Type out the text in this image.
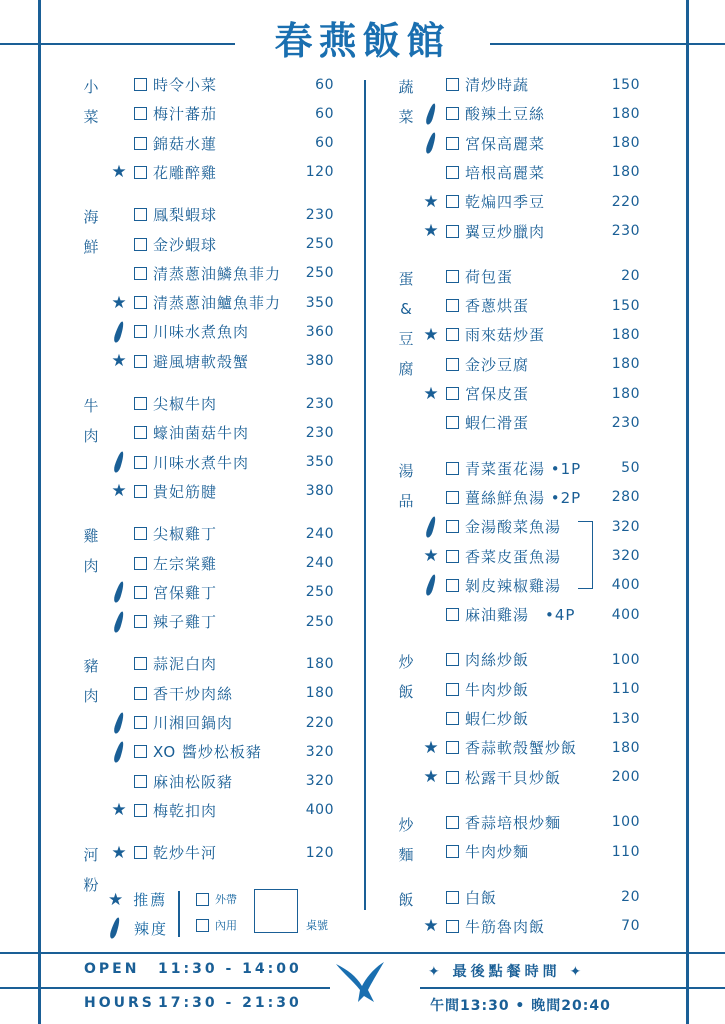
春燕飯館
小菜
時令小菜	60
梅汁蕃茄	60
錦菇水蓮	60
★ 花雕醉雞	120
海鮮
鳳梨蝦球	230
金沙蝦球	250
清蒸蔥油鱗魚菲力 250
★ 清蒸蔥油鱸魚菲力 350
川味水煮魚肉	360
★ 避風塘軟殼蟹	380
牛肉
尖椒牛肉	230
蠔油菌菇牛肉	230
川味水煮牛肉	350
★ 貴妃筋腱	380
雞肉
尖椒雞丁	240
左宗棠雞	240
宮保雞丁	250
辣子雞丁	250
豬肉
蒜泥白肉	180
香干炒肉絲	180
川湘回鍋肉	220
XO 醬炒松板豬	320
麻油松阪豬	320
★ 梅乾扣肉	400
河粉
★ 乾炒牛河	120
蔬菜
清炒時蔬	150
酸辣土豆絲	180
宮保高麗菜	180
培根高麗菜	180
★ 乾煸四季豆	220
★ 翼豆炒臘肉	230
蛋&豆腐
荷包蛋	20
香蔥烘蛋	150
★ 雨來菇炒蛋	180
金沙豆腐	180
★ 宮保皮蛋	180
蝦仁滑蛋	230
湯品
青菜蛋花湯 •1P	50
薑絲鮮魚湯 •2P 280
金湯酸菜魚湯	320
★ 香菜皮蛋魚湯	320
剝皮辣椒雞湯	400
麻油雞湯　•4P	400
炒飯
肉絲炒飯	100
牛肉炒飯	110
蝦仁炒飯	130
★ 香蒜軟殼蟹炒飯 180
★ 松露干貝炒飯	200
炒麵
香蒜培根炒麵	100
牛肉炒麵	110
飯	白飯	20
★ 牛筋魯肉飯	70
★ 推薦
辣度
外帶
內用	桌號
OPEN 11:30 - 14:00
HOURS 17:30 - 21:30
✦ 最後點餐時間 ✦
午間13:30 • 晚間20:40
